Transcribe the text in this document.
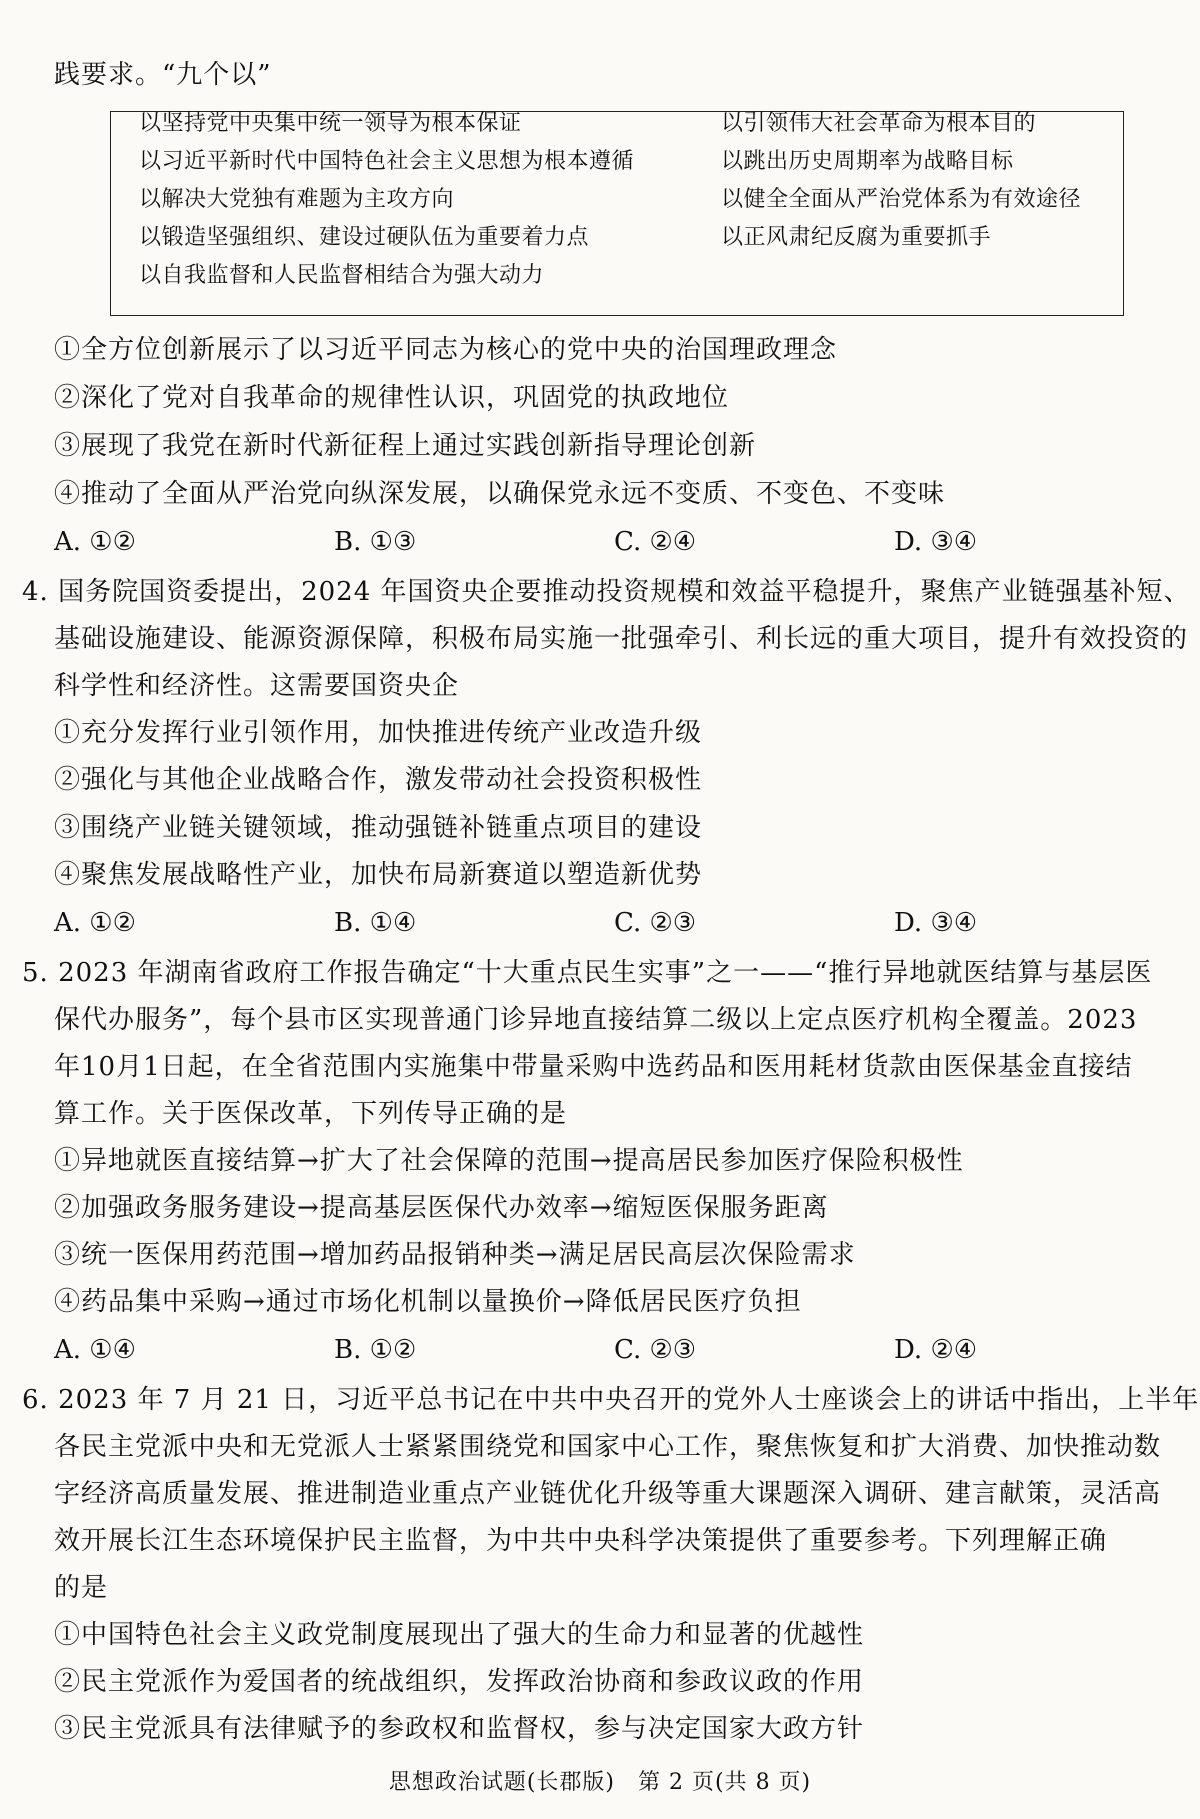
践要求。“九个以”
以坚持党中央集中统一领导为根本保证
以习近平新时代中国特色社会主义思想为根本遵循
以解决大党独有难题为主攻方向
以锻造坚强组织、建设过硬队伍为重要着力点
以自我监督和人民监督相结合为强大动力
以引领伟大社会革命为根本目的
以跳出历史周期率为战略目标
以健全全面从严治党体系为有效途径
以正风肃纪反腐为重要抓手
①全方位创新展示了以习近平同志为核心的党中央的治国理政理念
②深化了党对自我革命的规律性认识，巩固党的执政地位
③展现了我党在新时代新征程上通过实践创新指导理论创新
④推动了全面从严治党向纵深发展，以确保党永远不变质、不变色、不变味
A. ①②	B. ①③	C. ②④	D. ③④
4. 国务院国资委提出，2024 年国资央企要推动投资规模和效益平稳提升，聚焦产业链强基补短、
基础设施建设、能源资源保障，积极布局实施一批强牵引、利长远的重大项目，提升有效投资的
科学性和经济性。这需要国资央企
①充分发挥行业引领作用，加快推进传统产业改造升级
②强化与其他企业战略合作，激发带动社会投资积极性
③围绕产业链关键领域，推动强链补链重点项目的建设
④聚焦发展战略性产业，加快布局新赛道以塑造新优势
A. ①②	B. ①④	C. ②③	D. ③④
5. 2023 年湖南省政府工作报告确定“十大重点民生实事”之一——“推行异地就医结算与基层医
保代办服务”，每个县市区实现普通门诊异地直接结算二级以上定点医疗机构全覆盖。2023
年10月1日起，在全省范围内实施集中带量采购中选药品和医用耗材货款由医保基金直接结
算工作。关于医保改革，下列传导正确的是
①异地就医直接结算→扩大了社会保障的范围→提高居民参加医疗保险积极性
②加强政务服务建设→提高基层医保代办效率→缩短医保服务距离
③统一医保用药范围→增加药品报销种类→满足居民高层次保险需求
④药品集中采购→通过市场化机制以量换价→降低居民医疗负担
A. ①④	B. ①②	C. ②③	D. ②④
6. 2023 年 7 月 21 日，习近平总书记在中共中央召开的党外人士座谈会上的讲话中指出，上半年
各民主党派中央和无党派人士紧紧围绕党和国家中心工作，聚焦恢复和扩大消费、加快推动数
字经济高质量发展、推进制造业重点产业链优化升级等重大课题深入调研、建言献策，灵活高
效开展长江生态环境保护民主监督，为中共中央科学决策提供了重要参考。下列理解正确
的是
①中国特色社会主义政党制度展现出了强大的生命力和显著的优越性
②民主党派作为爱国者的统战组织，发挥政治协商和参政议政的作用
③民主党派具有法律赋予的参政权和监督权，参与决定国家大政方针
思想政治试题(长郡版)　第 2 页(共 8 页)
